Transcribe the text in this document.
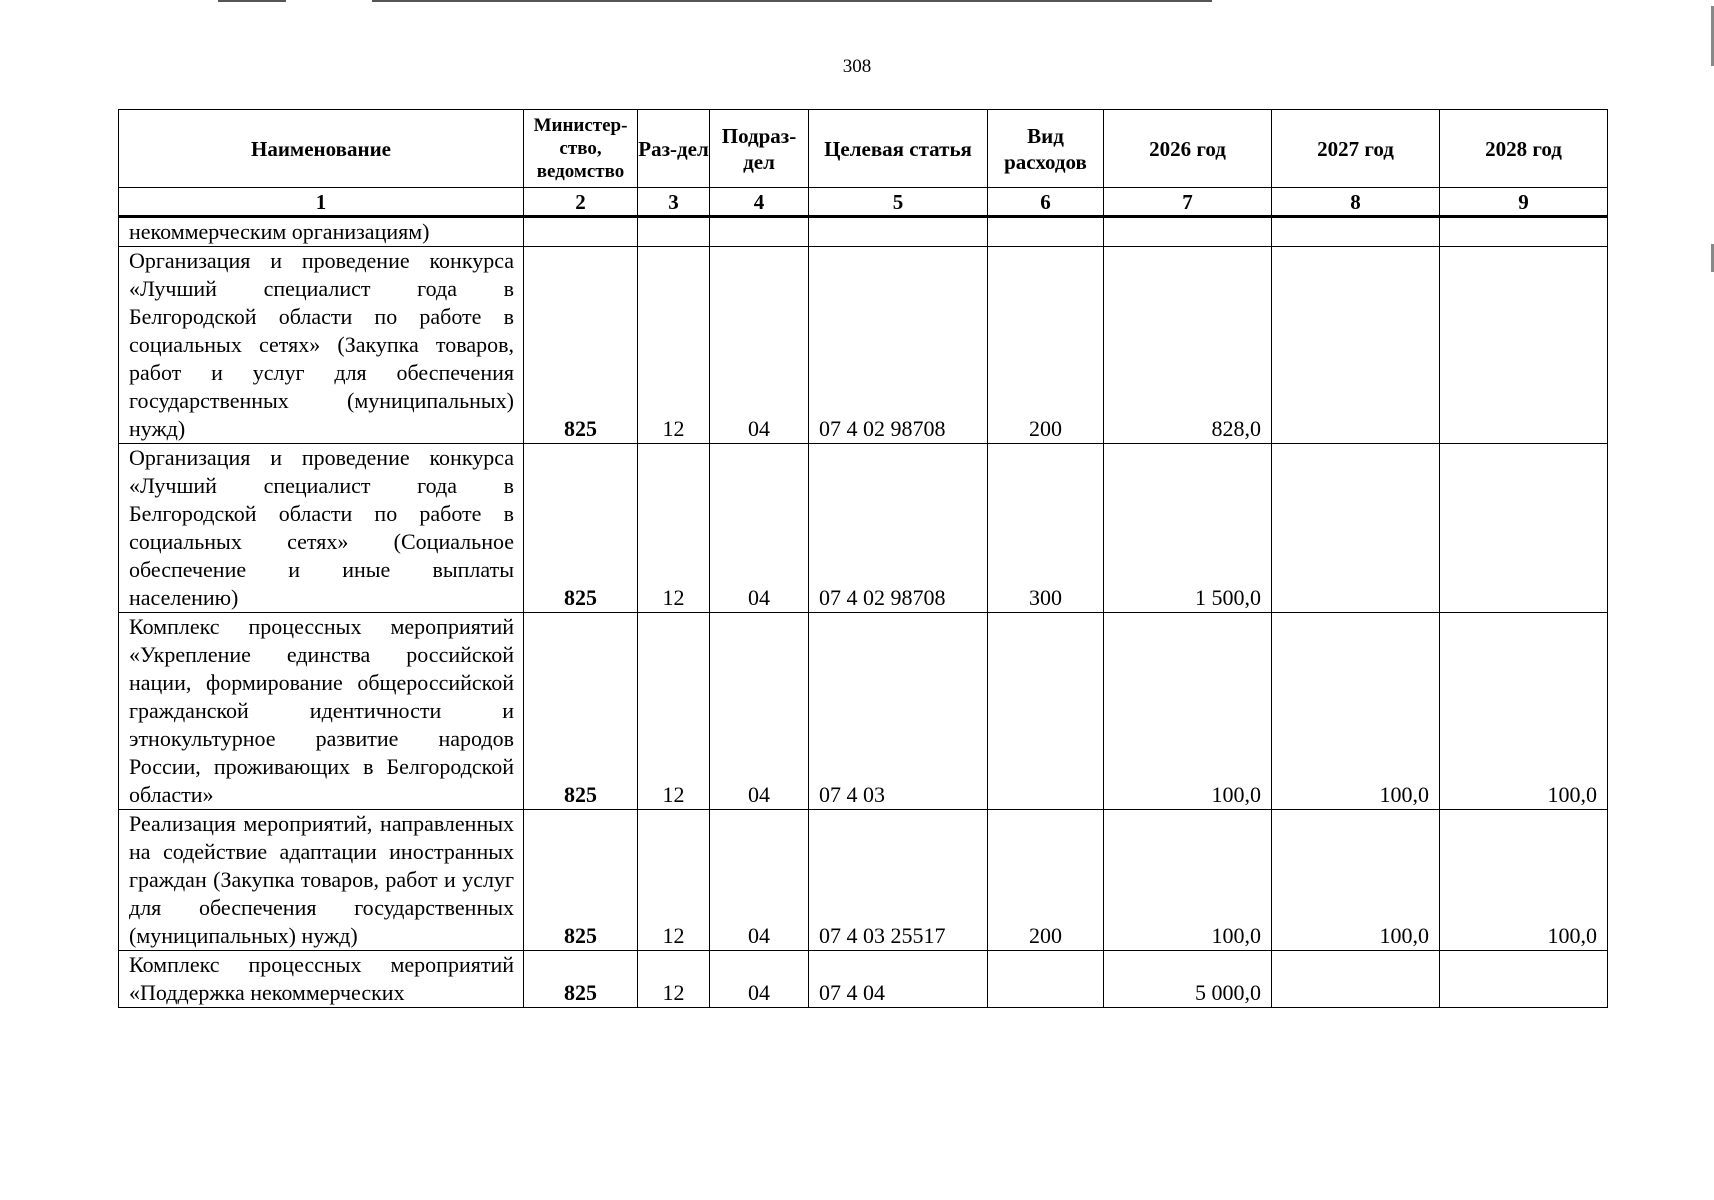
308
Наименование	Министер-ство, ведомство	Раз-дел	Подраз-дел	Целевая статья	Вид расходов	2026 год	2027 год	2028 год
1	2	3	4	5	6	7	8	9
некоммерческим организациям)								
Организация и проведение конкурса «Лучший специалист года в Белгородской области по работе в социальных сетях» (Закупка товаров, работ и услуг для обеспечения государственных (муниципальных) нужд)	825	12	04	07 4 02 98708	200	828,0		
Организация и проведение конкурса «Лучший специалист года в Белгородской области по работе в социальных сетях» (Социальное обеспечение и иные выплаты населению)	825	12	04	07 4 02 98708	300	1 500,0		
Комплекс процессных мероприятий «Укрепление единства российской нации, формирование общероссийской гражданской идентичности и этнокультурное развитие народов России, проживающих в Белгородской области»	825	12	04	07 4 03		100,0	100,0	100,0
Реализация мероприятий, направленных на содействие адаптации иностранных граждан (Закупка товаров, работ и услуг для обеспечения государственных (муниципальных) нужд)	825	12	04	07 4 03 25517	200	100,0	100,0	100,0
Комплекс процессных мероприятий «Поддержка некоммерческих	825	12	04	07 4 04		5 000,0		
